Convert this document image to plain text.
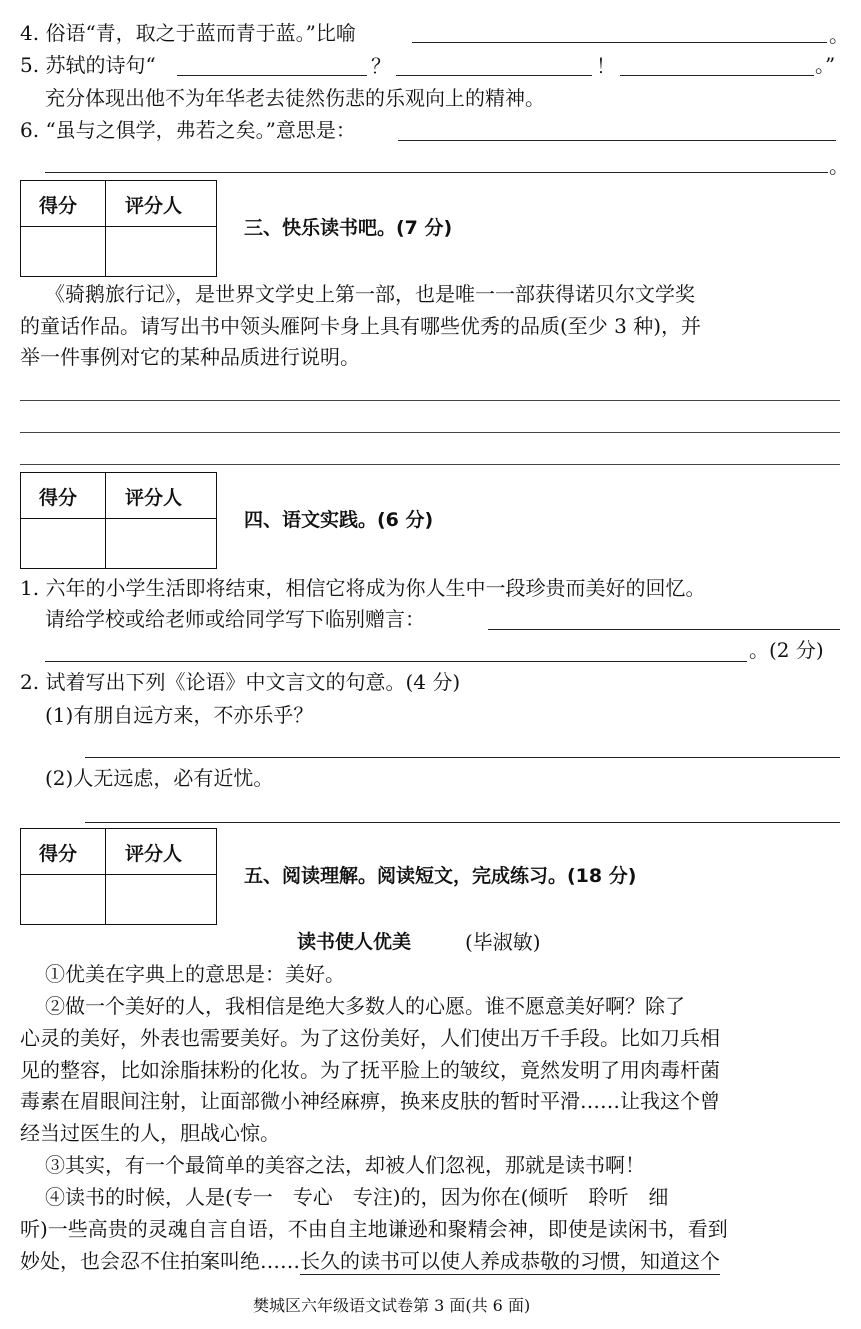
4. 俗语“青，取之于蓝而青于蓝。”比喻	。
5. 苏轼的诗句“	？	！	。”
充分体现出他不为年华老去徒然伤悲的乐观向上的精神。
6. “虽与之俱学，弗若之矣。”意思是：
。
得分	评分人
三、快乐读书吧。(7 分)
《骑鹅旅行记》，是世界文学史上第一部，也是唯一一部获得诺贝尔文学奖
的童话作品。请写出书中领头雁阿卡身上具有哪些优秀的品质(至少 3 种)，并
举一件事例对它的某种品质进行说明。
得分	评分人
四、语文实践。(6 分)
1. 六年的小学生活即将结束，相信它将成为你人生中一段珍贵而美好的回忆。
请给学校或给老师或给同学写下临别赠言：
。(2 分)
2. 试着写出下列《论语》中文言文的句意。(4 分)
(1)有朋自远方来，不亦乐乎？
(2)人无远虑，必有近忧。
得分	评分人
五、阅读理解。阅读短文，完成练习。(18 分)
读书使人优美	(毕淑敏)
①优美在字典上的意思是：美好。
②做一个美好的人，我相信是绝大多数人的心愿。谁不愿意美好啊？除了
心灵的美好，外表也需要美好。为了这份美好，人们使出万千手段。比如刀兵相
见的整容，比如涂脂抹粉的化妆。为了抚平脸上的皱纹，竟然发明了用肉毒杆菌
毒素在眉眼间注射，让面部微小神经麻痹，换来皮肤的暂时平滑……让我这个曾
经当过医生的人，胆战心惊。
③其实，有一个最简单的美容之法，却被人们忽视，那就是读书啊！
④读书的时候，人是(专一　专心　专注)的，因为你在(倾听　聆听　细
听)一些高贵的灵魂自言自语，不由自主地谦逊和聚精会神，即使是读闲书，看到
妙处，也会忍不住拍案叫绝……长久的读书可以使人养成恭敬的习惯，知道这个
樊城区六年级语文试卷第 3 面(共 6 面)
